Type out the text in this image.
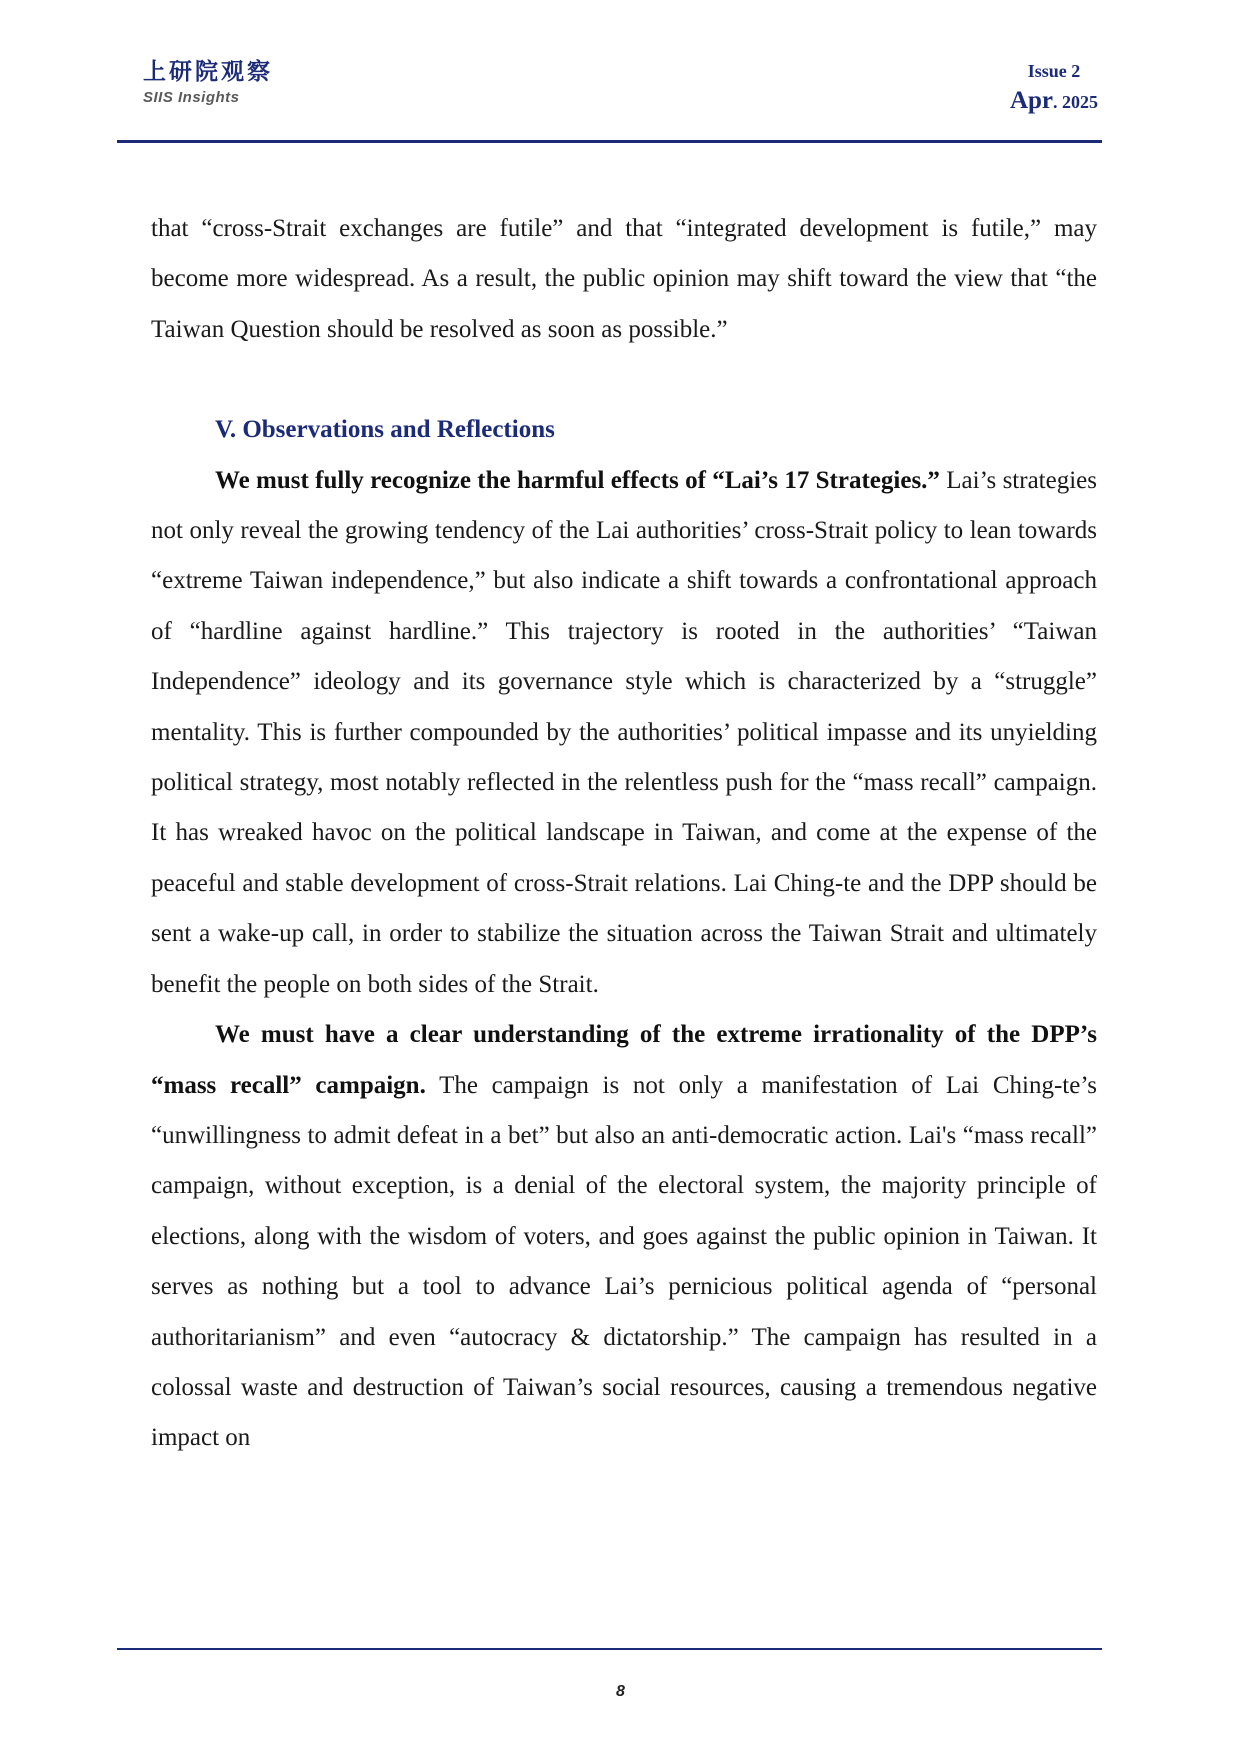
上研院观察
SIIS Insights
Issue 2
Apr. 2025

that “cross-Strait exchanges are futile” and that “integrated development is futile,” may become more widespread. As a result, the public opinion may shift toward the view that “the Taiwan Question should be resolved as soon as possible.”

V. Observations and Reflections

We must fully recognize the harmful effects of “Lai’s 17 Strategies.” Lai’s strategies not only reveal the growing tendency of the Lai authorities’ cross-Strait policy to lean towards “extreme Taiwan independence,” but also indicate a shift towards a confrontational approach of “hardline against hardline.” This trajectory is rooted in the authorities’ “Taiwan Independence” ideology and its governance style which is characterized by a “struggle” mentality. This is further compounded by the authorities’ political impasse and its unyielding political strategy, most notably reflected in the relentless push for the “mass recall” campaign. It has wreaked havoc on the political landscape in Taiwan, and come at the expense of the peaceful and stable development of cross-Strait relations. Lai Ching-te and the DPP should be sent a wake-up call, in order to stabilize the situation across the Taiwan Strait and ultimately benefit the people on both sides of the Strait.

We must have a clear understanding of the extreme irrationality of the DPP’s “mass recall” campaign. The campaign is not only a manifestation of Lai Ching-te’s “unwillingness to admit defeat in a bet” but also an anti-democratic action. Lai's “mass recall” campaign, without exception, is a denial of the electoral system, the majority principle of elections, along with the wisdom of voters, and goes against the public opinion in Taiwan. It serves as nothing but a tool to advance Lai’s pernicious political agenda of “personal authoritarianism” and even “autocracy & dictatorship.” The campaign has resulted in a colossal waste and destruction of Taiwan’s social resources, causing a tremendous negative impact on

8
